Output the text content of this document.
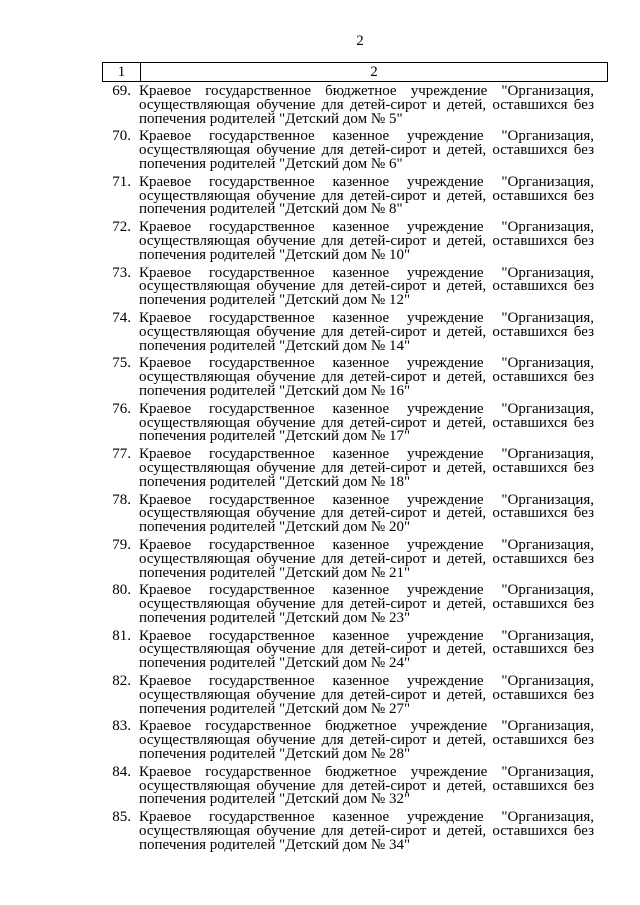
2
1	2
69. Краевое государственное бюджетное учреждение "Организация,
осуществляющая обучение для детей-сирот и детей, оставшихся без
попечения родителей "Детский дом № 5"
70. Краевое государственное казенное учреждение "Организация,
осуществляющая обучение для детей-сирот и детей, оставшихся без
попечения родителей "Детский дом № 6"
71. Краевое государственное казенное учреждение "Организация,
осуществляющая обучение для детей-сирот и детей, оставшихся без
попечения родителей "Детский дом № 8"
72. Краевое государственное казенное учреждение "Организация,
осуществляющая обучение для детей-сирот и детей, оставшихся без
попечения родителей "Детский дом № 10"
73. Краевое государственное казенное учреждение "Организация,
осуществляющая обучение для детей-сирот и детей, оставшихся без
попечения родителей "Детский дом № 12"
74. Краевое государственное казенное учреждение "Организация,
осуществляющая обучение для детей-сирот и детей, оставшихся без
попечения родителей "Детский дом № 14"
75. Краевое государственное казенное учреждение "Организация,
осуществляющая обучение для детей-сирот и детей, оставшихся без
попечения родителей "Детский дом № 16"
76. Краевое государственное казенное учреждение "Организация,
осуществляющая обучение для детей-сирот и детей, оставшихся без
попечения родителей "Детский дом № 17"
77. Краевое государственное казенное учреждение "Организация,
осуществляющая обучение для детей-сирот и детей, оставшихся без
попечения родителей "Детский дом № 18"
78. Краевое государственное казенное учреждение "Организация,
осуществляющая обучение для детей-сирот и детей, оставшихся без
попечения родителей "Детский дом № 20"
79. Краевое государственное казенное учреждение "Организация,
осуществляющая обучение для детей-сирот и детей, оставшихся без
попечения родителей "Детский дом № 21"
80. Краевое государственное казенное учреждение "Организация,
осуществляющая обучение для детей-сирот и детей, оставшихся без
попечения родителей "Детский дом № 23"
81. Краевое государственное казенное учреждение "Организация,
осуществляющая обучение для детей-сирот и детей, оставшихся без
попечения родителей "Детский дом № 24"
82. Краевое государственное казенное учреждение "Организация,
осуществляющая обучение для детей-сирот и детей, оставшихся без
попечения родителей "Детский дом № 27"
83. Краевое государственное бюджетное учреждение "Организация,
осуществляющая обучение для детей-сирот и детей, оставшихся без
попечения родителей "Детский дом № 28"
84. Краевое государственное бюджетное учреждение "Организация,
осуществляющая обучение для детей-сирот и детей, оставшихся без
попечения родителей "Детский дом № 32"
85. Краевое государственное казенное учреждение "Организация,
осуществляющая обучение для детей-сирот и детей, оставшихся без
попечения родителей "Детский дом № 34"
